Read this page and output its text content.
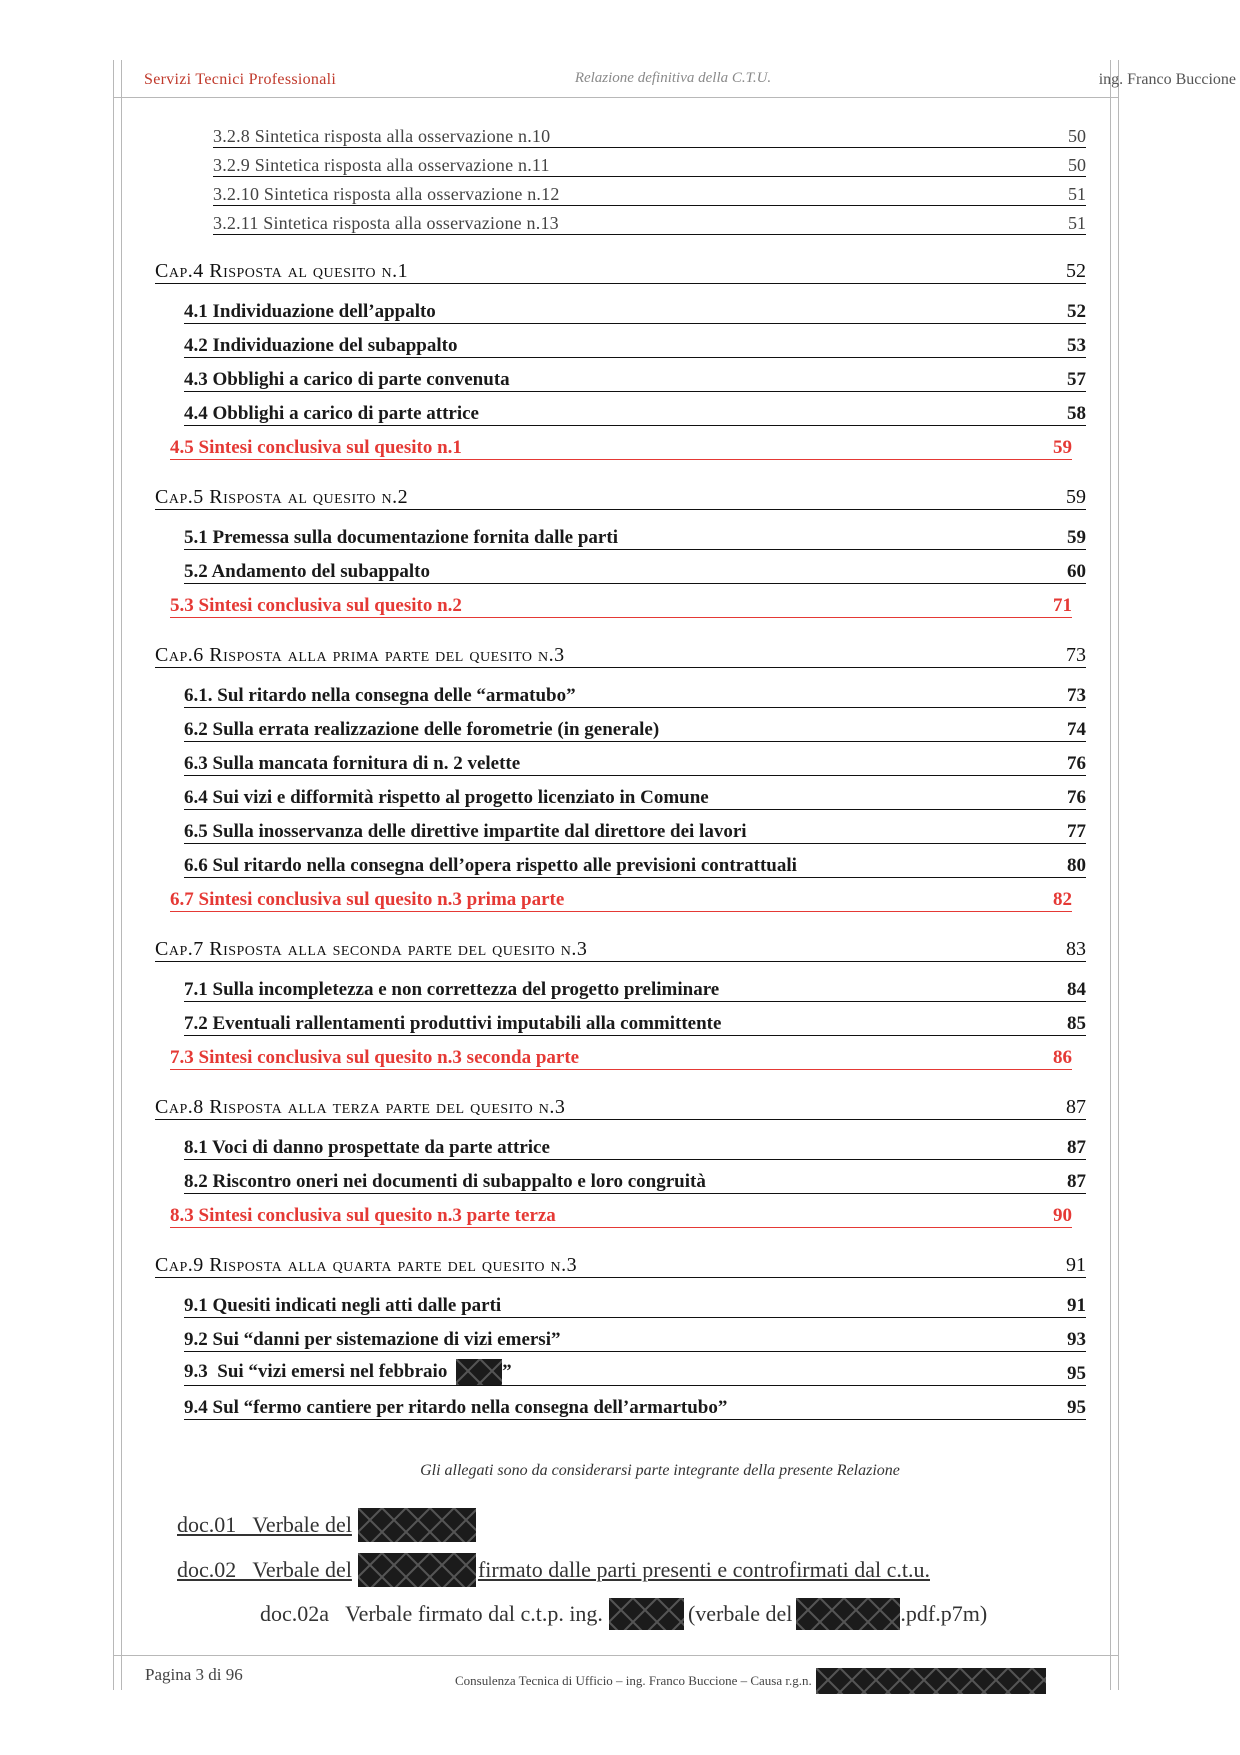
Servizi Tecnici Professionali	Relazione definitiva della C.T.U.	ing. Franco Buccione
3.2.8 Sintetica risposta alla osservazione n.10	50
3.2.9 Sintetica risposta alla osservazione n.11	50
3.2.10 Sintetica risposta alla osservazione n.12	51
3.2.11 Sintetica risposta alla osservazione n.13	51
Cap.4 Risposta al quesito n.1	52
4.1 Individuazione dell’appalto	52
4.2 Individuazione del subappalto	53
4.3 Obblighi a carico di parte convenuta	57
4.4 Obblighi a carico di parte attrice	58
4.5 Sintesi conclusiva sul quesito n.1	59
Cap.5 Risposta al quesito n.2	59
5.1 Premessa sulla documentazione fornita dalle parti	59
5.2 Andamento del subappalto	60
5.3 Sintesi conclusiva sul quesito n.2	71
Cap.6 Risposta alla prima parte del quesito n.3	73
6.1. Sul ritardo nella consegna delle “armatubo”	73
6.2 Sulla errata realizzazione delle forometrie (in generale)	74
6.3 Sulla mancata fornitura di n. 2 velette	76
6.4 Sui vizi e difformità rispetto al progetto licenziato in Comune	76
6.5 Sulla inosservanza delle direttive impartite dal direttore dei lavori	77
6.6 Sul ritardo nella consegna dell’opera rispetto alle previsioni contrattuali	80
6.7 Sintesi conclusiva sul quesito n.3 prima parte	82
Cap.7 Risposta alla seconda parte del quesito n.3	83
7.1 Sulla incompletezza e non correttezza del progetto preliminare	84
7.2 Eventuali rallentamenti produttivi imputabili alla committente	85
7.3 Sintesi conclusiva sul quesito n.3 seconda parte	86
Cap.8 Risposta alla terza parte del quesito n.3	87
8.1 Voci di danno prospettate da parte attrice	87
8.2 Riscontro oneri nei documenti di subappalto e loro congruità	87
8.3 Sintesi conclusiva sul quesito n.3 parte terza	90
Cap.9 Risposta alla quarta parte del quesito n.3	91
9.1 Quesiti indicati negli atti dalle parti	91
9.2 Sui “danni per sistemazione di vizi emersi”	93
9.3  Sui “vizi emersi nel febbraio	”	95
9.4 Sul “fermo cantiere per ritardo nella consegna dell’armartubo”	95
Gli allegati sono da considerarsi parte integrante della presente Relazione
doc.01   Verbale del
doc.02   Verbale del	firmato dalle parti presenti e controfirmati dal c.t.u.
doc.02a   Verbale firmato dal c.t.p. ing.	(verbale del	.pdf.p7m)
Pagina 3 di 96	Consulenza Tecnica di Ufficio – ing. Franco Buccione – Causa r.g.n.
